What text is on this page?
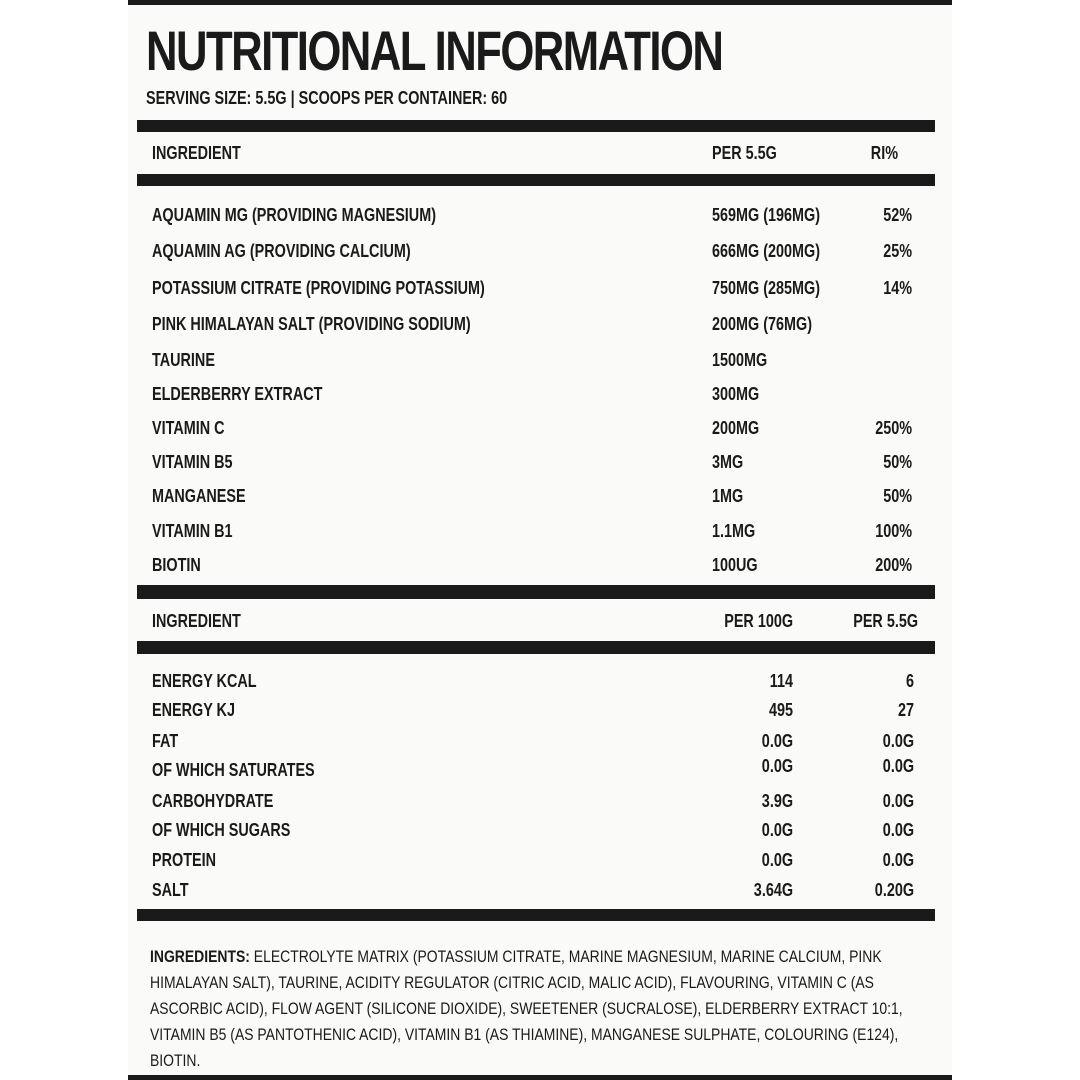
NUTRITIONAL INFORMATION
SERVING SIZE: 5.5G | SCOOPS PER CONTAINER: 60
INGREDIENT	PER 5.5G	RI%
AQUAMIN MG (PROVIDING MAGNESIUM)	569MG (196MG)	52%
AQUAMIN AG (PROVIDING CALCIUM)	666MG (200MG)	25%
POTASSIUM CITRATE (PROVIDING POTASSIUM)	750MG (285MG)	14%
PINK HIMALAYAN SALT (PROVIDING SODIUM)	200MG (76MG)
TAURINE	1500MG
ELDERBERRY EXTRACT	300MG
VITAMIN C	200MG	250%
VITAMIN B5	3MG	50%
MANGANESE	1MG	50%
VITAMIN B1	1.1MG	100%
BIOTIN	100UG	200%
INGREDIENT	PER 100G	PER 5.5G
ENERGY KCAL	114	6
ENERGY KJ	495	27
FAT	0.0G	0.0G
OF WHICH SATURATES	0.0G	0.0G
CARBOHYDRATE	3.9G	0.0G
OF WHICH SUGARS	0.0G	0.0G
PROTEIN	0.0G	0.0G
SALT	3.64G	0.20G
INGREDIENTS: ELECTROLYTE MATRIX (POTASSIUM CITRATE, MARINE MAGNESIUM, MARINE CALCIUM, PINK HIMALAYAN SALT), TAURINE, ACIDITY REGULATOR (CITRIC ACID, MALIC ACID), FLAVOURING, VITAMIN C (AS ASCORBIC ACID), FLOW AGENT (SILICONE DIOXIDE), SWEETENER (SUCRALOSE), ELDERBERRY EXTRACT 10:1, VITAMIN B5 (AS PANTOTHENIC ACID), VITAMIN B1 (AS THIAMINE), MANGANESE SULPHATE, COLOURING (E124), BIOTIN.
